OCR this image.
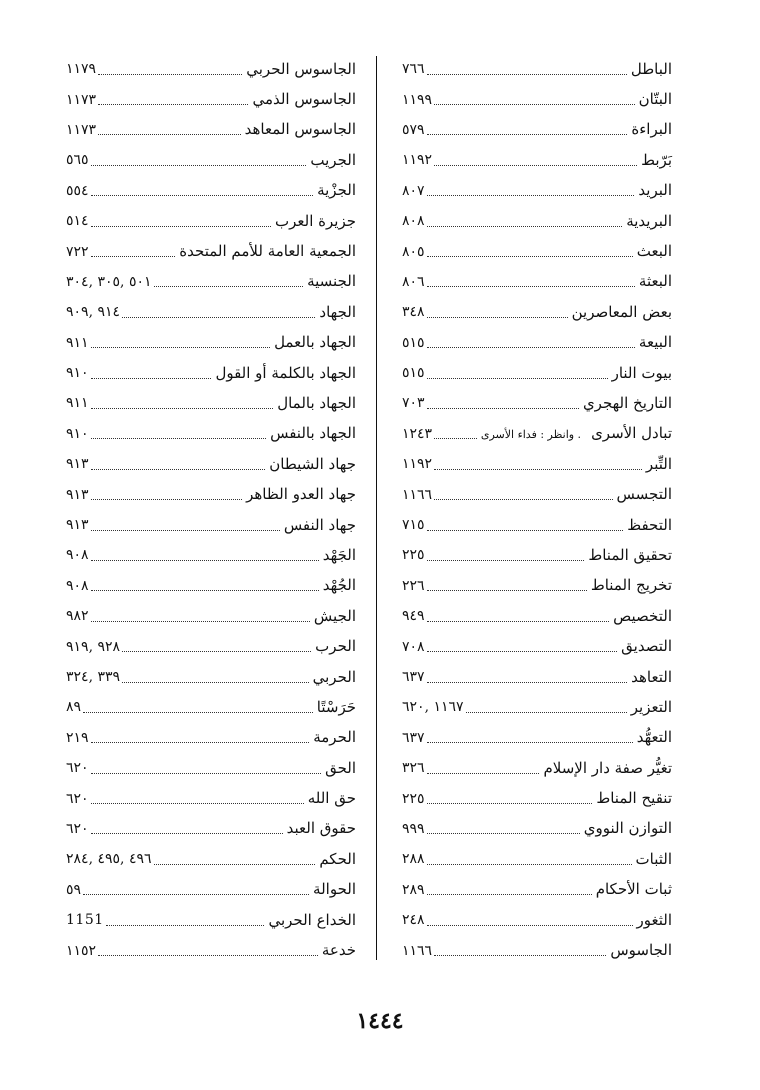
الباطل
٧٦٦
البتّان
١١٩٩
البراءة
٥٧٩
بَرّبط
١١٩٢
البريد
٨٠٧
البريدية
٨٠٨
البعث
٨٠٥
البعثة
٨٠٦
بعض المعاصرين
٣٤٨
البيعة
٥١٥
بيوت النار
٥١٥
التاريخ الهجري
٧٠٣
تبادل الأسرى. وانظر : فداء الأسرى
١٢٤٣
التِّبر
١١٩٢
التجسس
١١٦٦
التحفظ
٧١٥
تحقيق المناط
٢٢٥
تخريج المناط
٢٢٦
التخصيص
٩٤٩
التصديق
٧٠٨
التعاهد
٦٣٧
التعزير
١١٦٧ ,٦٢٠
التعهُّد
٦٣٧
تغيُّر صفة دار الإسلام
٣٢٦
تنقيح المناط
٢٢٥
التوازن النووي
٩٩٩
الثبات
٢٨٨
ثبات الأحكام
٢٨٩
الثغور
٢٤٨
الجاسوس
١١٦٦
الجاسوس الحربي
١١٧٩
الجاسوس الذمي
١١٧٣
الجاسوس المعاهد
١١٧٣
الجريب
٥٦٥
الجزْية
٥٥٤
جزيرة العرب
٥١٤
الجمعية العامة للأمم المتحدة
٧٢٢
الجنسية
٥٠١ ,٣٠٥ ,٣٠٤
الجهاد
٩١٤ ,٩٠٩
الجهاد بالعمل
٩١١
الجهاد بالكلمة أو القول
٩١٠
الجهاد بالمال
٩١١
الجهاد بالنفس
٩١٠
جهاد الشيطان
٩١٣
جهاد العدو الظاهر
٩١٣
جهاد النفس
٩١٣
الجَهْد
٩٠٨
الجُهْد
٩٠٨
الجيش
٩٨٢
الحرب
٩٢٨ ,٩١٩
الحربي
٣٣٩ ,٣٢٤
حَرَسْتًا
٨٩
الحرمة
٢١٩
الحق
٦٢٠
حق الله
٦٢٠
حقوق العبد
٦٢٠
الحكم
٤٩٦ ,٤٩٥ ,٢٨٤
الحوالة
٥٩
الخداع الحربي
1151
خدعة
١١٥٢
١٤٤٤
